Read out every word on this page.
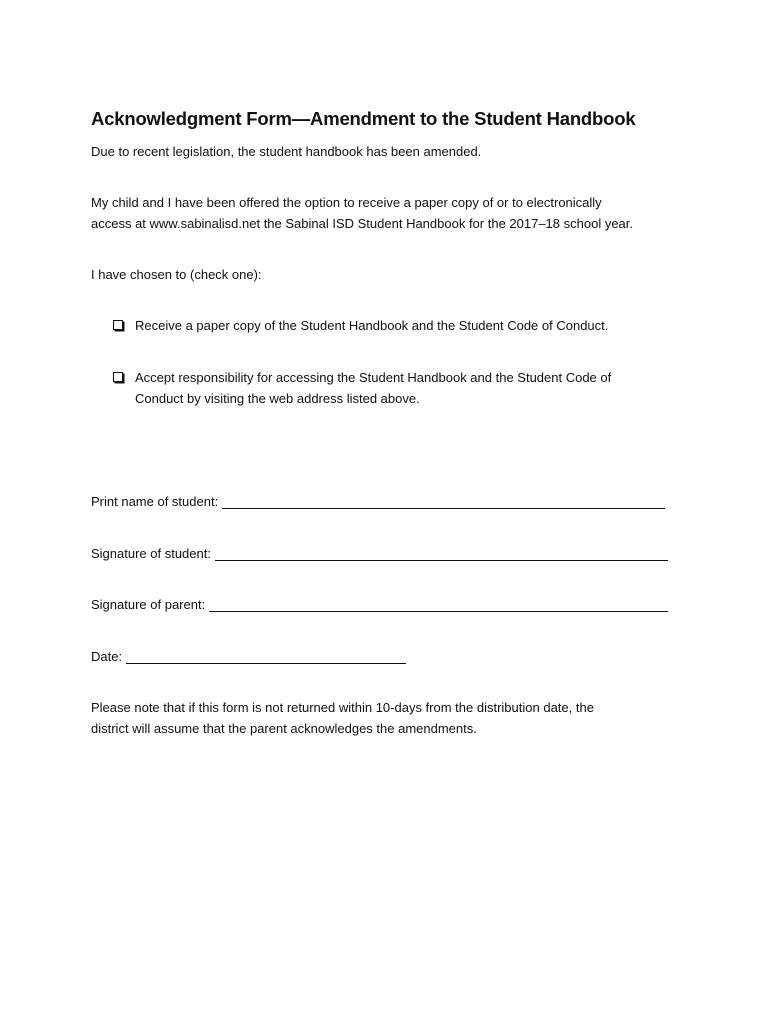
Acknowledgment Form—Amendment to the Student Handbook
Due to recent legislation, the student handbook has been amended.
My child and I have been offered the option to receive a paper copy of or to electronically
access at www.sabinalisd.net the Sabinal ISD Student Handbook for the 2017–18 school year.
I have chosen to (check one):
Receive a paper copy of the Student Handbook and the Student Code of Conduct.
Accept responsibility for accessing the Student Handbook and the Student Code of
Conduct by visiting the web address listed above.
Print name of student:
Signature of student:
Signature of parent:
Date:
Please note that if this form is not returned within 10-days from the distribution date, the
district will assume that the parent acknowledges the amendments.
